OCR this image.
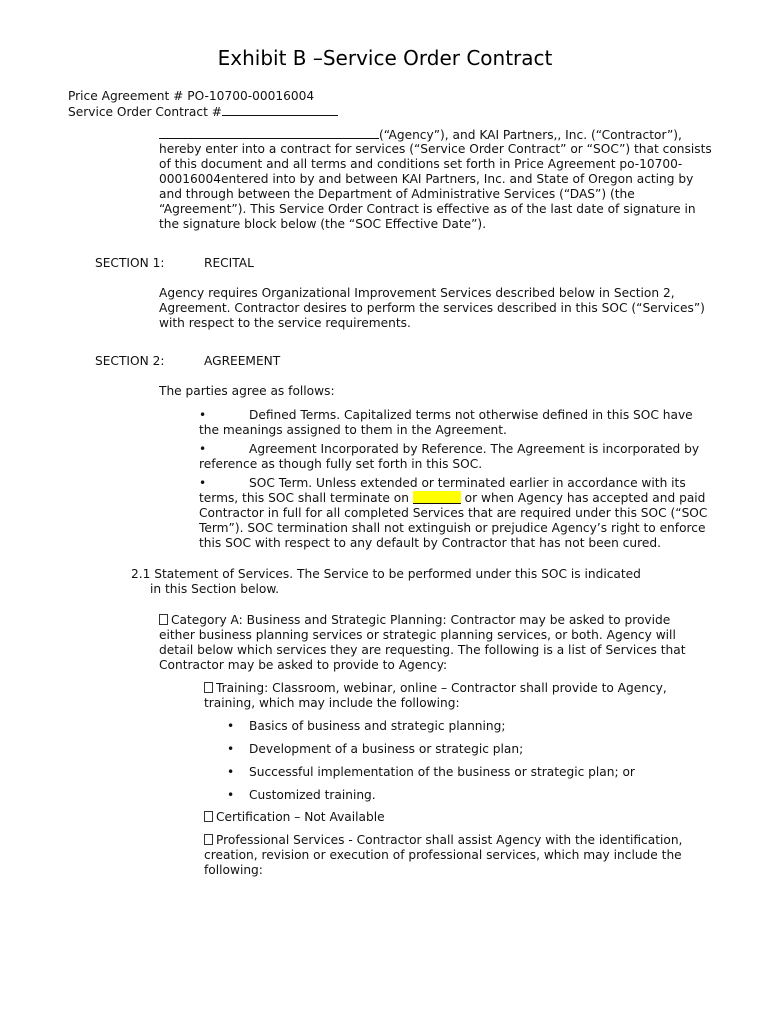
Exhibit B –Service Order Contract
Price Agreement # PO-10700-00016004
Service Order Contract #
(“Agency”), and KAI Partners,, Inc. (“Contractor”),
hereby enter into a contract for services (“Service Order Contract” or “SOC”) that consists
of this document and all terms and conditions set forth in Price Agreement po-10700-
00016004entered into by and between KAI Partners, Inc. and State of Oregon acting by
and through between the Department of Administrative Services (“DAS”) (the
“Agreement”). This Service Order Contract is effective as of the last date of signature in
the signature block below (the “SOC Effective Date”).
SECTION 1:	RECITAL
Agency requires Organizational Improvement Services described below in Section 2,
Agreement. Contractor desires to perform the services described in this SOC (“Services”)
with respect to the service requirements.
SECTION 2:	AGREEMENT
The parties agree as follows:
•	Defined Terms. Capitalized terms not otherwise defined in this SOC have
the meanings assigned to them in the Agreement.
•	Agreement Incorporated by Reference. The Agreement is incorporated by
reference as though fully set forth in this SOC.
•	SOC Term. Unless extended or terminated earlier in accordance with its
terms, this SOC shall terminate on	or when Agency has accepted and paid
Contractor in full for all completed Services that are required under this SOC (“SOC
Term”). SOC termination shall not extinguish or prejudice Agency’s right to enforce
this SOC with respect to any default by Contractor that has not been cured.
2.1 Statement of Services. The Service to be performed under this SOC is indicated
in this Section below.
Category A: Business and Strategic Planning: Contractor may be asked to provide
either business planning services or strategic planning services, or both. Agency will
detail below which services they are requesting. The following is a list of Services that
Contractor may be asked to provide to Agency:
Training: Classroom, webinar, online – Contractor shall provide to Agency,
training, which may include the following:
• Basics of business and strategic planning;
• Development of a business or strategic plan;
• Successful implementation of the business or strategic plan; or
• Customized training.
Certification – Not Available
Professional Services - Contractor shall assist Agency with the identification,
creation, revision or execution of professional services, which may include the
following:
